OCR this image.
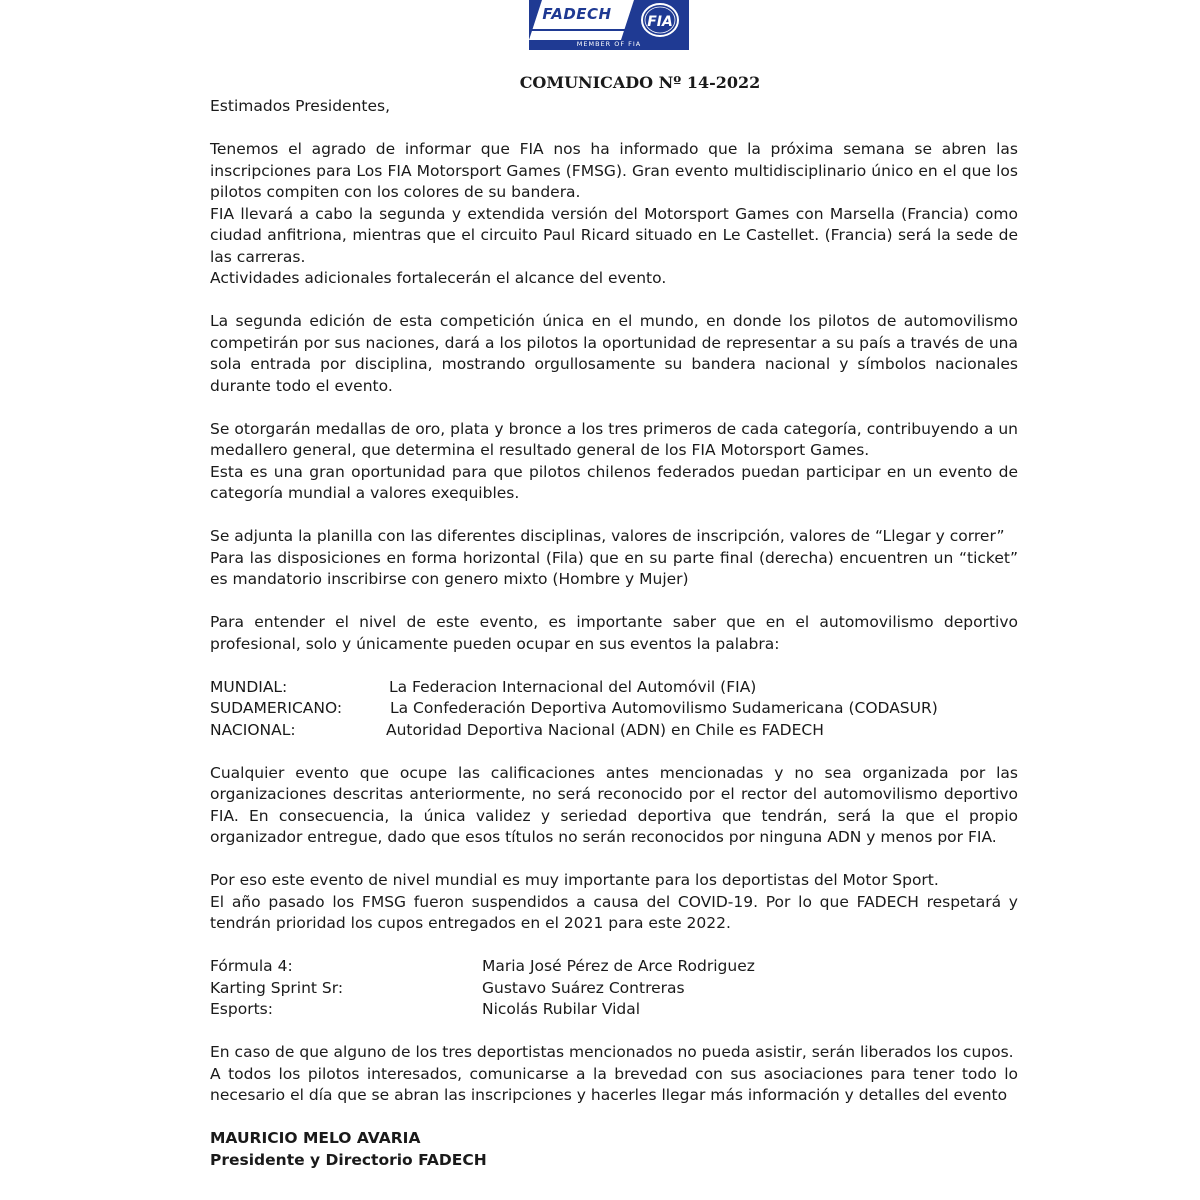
FADECH	FIA
MEMBER OF FIA
COMUNICADO Nº 14-2022

Estimados Presidentes,

Tenemos el agrado de informar que FIA nos ha informado que la próxima semana se abren las inscripciones para Los FIA Motorsport Games (FMSG). Gran evento multidisciplinario único en el que los pilotos compiten con los colores de su bandera.

FIA llevará a cabo la segunda y extendida versión del Motorsport Games con Marsella (Francia) como ciudad anfitriona, mientras que el circuito Paul Ricard situado en Le Castellet. (Francia) será la sede de las carreras.

Actividades adicionales fortalecerán el alcance del evento.

La segunda edición de esta competición única en el mundo, en donde los pilotos de automovilismo competirán por sus naciones, dará a los pilotos la oportunidad de representar a su país a través de una sola entrada por disciplina, mostrando orgullosamente su bandera nacional y símbolos nacionales durante todo el evento.

Se otorgarán medallas de oro, plata y bronce a los tres primeros de cada categoría, contribuyendo a un medallero general, que determina el resultado general de los FIA Motorsport Games.

Esta es una gran oportunidad para que pilotos chilenos federados puedan participar en un evento de categoría mundial a valores exequibles.

Se adjunta la planilla con las diferentes disciplinas, valores de inscripción, valores de “Llegar y correr”

Para las disposiciones en forma horizontal (Fila) que en su parte final (derecha) encuentren un “ticket” es mandatorio inscribirse con genero mixto (Hombre y Mujer)

Para entender el nivel de este evento, es importante saber que en el automovilismo deportivo profesional, solo y únicamente pueden ocupar en sus eventos la palabra:

MUNDIAL:	La Federacion Internacional del Automóvil (FIA)
SUDAMERICANO:	La Confederación Deportiva Automovilismo Sudamericana (CODASUR)
NACIONAL:	Autoridad Deportiva Nacional (ADN) en Chile es FADECH

Cualquier evento que ocupe las calificaciones antes mencionadas y no sea organizada por las organizaciones descritas anteriormente, no será reconocido por el rector del automovilismo deportivo FIA. En consecuencia, la única validez y seriedad deportiva que tendrán, será la que el propio organizador entregue, dado que esos títulos no serán reconocidos por ninguna ADN y menos por FIA.

Por eso este evento de nivel mundial es muy importante para los deportistas del Motor Sport.

El año pasado los FMSG fueron suspendidos a causa del COVID-19. Por lo que FADECH respetará y tendrán prioridad los cupos entregados en el 2021 para este 2022.

Fórmula 4:	Maria José Pérez de Arce Rodriguez
Karting Sprint Sr:	Gustavo Suárez Contreras
Esports:	Nicolás Rubilar Vidal

En caso de que alguno de los tres deportistas mencionados no pueda asistir, serán liberados los cupos.

A todos los pilotos interesados, comunicarse a la brevedad con sus asociaciones para tener todo lo necesario el día que se abran las inscripciones y hacerles llegar más información y detalles del evento

MAURICIO MELO AVARIA
Presidente y Directorio FADECH
